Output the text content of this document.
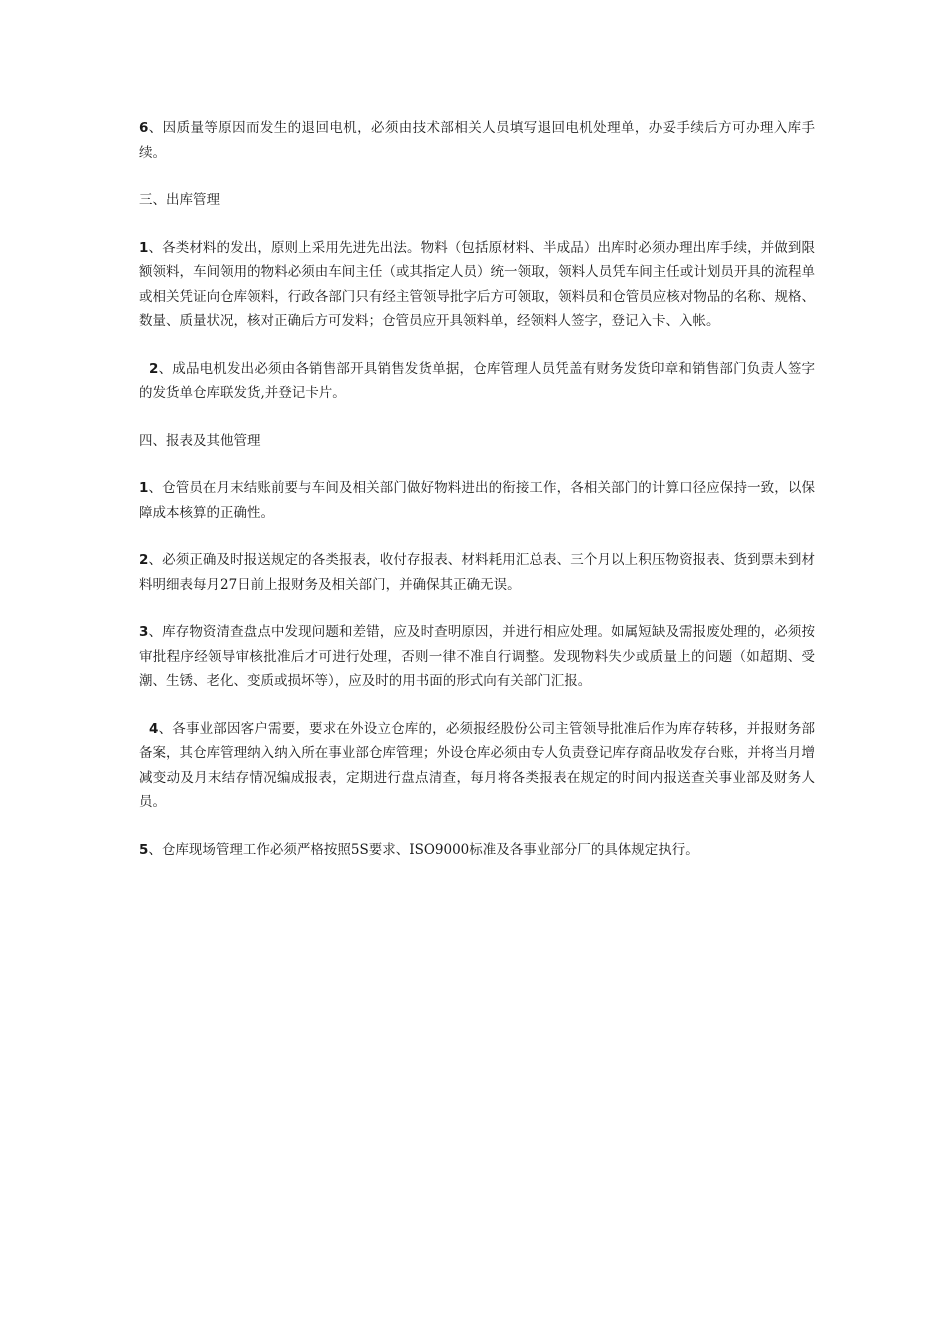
6、因质量等原因而发生的退回电机，必须由技术部相关人员填写退回电机处理单，办妥手续后方可办理入库手续。

三、出库管理

1、各类材料的发出，原则上采用先进先出法。物料（包括原材料、半成品）出库时必须办理出库手续，并做到限额领料，车间领用的物料必须由车间主任（或其指定人员）统一领取，领料人员凭车间主任或计划员开具的流程单或相关凭证向仓库领料，行政各部门只有经主管领导批字后方可领取，领料员和仓管员应核对物品的名称、规格、数量、质量状况，核对正确后方可发料；仓管员应开具领料单，经领料人签字，登记入卡、入帐。

2、成品电机发出必须由各销售部开具销售发货单据，仓库管理人员凭盖有财务发货印章和销售部门负责人签字的发货单仓库联发货,并登记卡片。

四、报表及其他管理

1、仓管员在月末结账前要与车间及相关部门做好物料进出的衔接工作，各相关部门的计算口径应保持一致，以保障成本核算的正确性。

2、必须正确及时报送规定的各类报表，收付存报表、材料耗用汇总表、三个月以上积压物资报表、货到票未到材料明细表每月27日前上报财务及相关部门，并确保其正确无误。

3、库存物资清查盘点中发现问题和差错，应及时查明原因，并进行相应处理。如属短缺及需报废处理的，必须按审批程序经领导审核批准后才可进行处理，否则一律不准自行调整。发现物料失少或质量上的问题（如超期、受潮、生锈、老化、变质或损坏等），应及时的用书面的形式向有关部门汇报。

4、各事业部因客户需要，要求在外设立仓库的，必须报经股份公司主管领导批准后作为库存转移，并报财务部备案，其仓库管理纳入纳入所在事业部仓库管理；外设仓库必须由专人负责登记库存商品收发存台账，并将当月增减变动及月末结存情况编成报表，定期进行盘点清查，每月将各类报表在规定的时间内报送查关事业部及财务人员。

5、仓库现场管理工作必须严格按照5S要求、ISO9000标准及各事业部分厂的具体规定执行。
